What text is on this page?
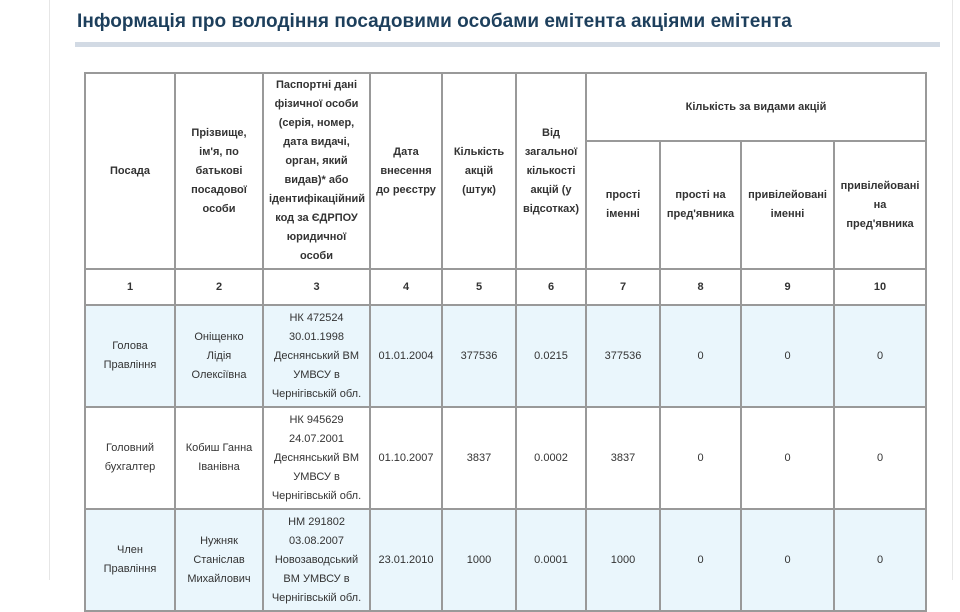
Інформація про володіння посадовими особами емітента акціями емітента
Посада	Прізвище, ім'я, по батькові посадової особи	Паспортні дані фізичної особи (серія, номер, дата видачі, орган, який видав)* або ідентифікаційний код за ЄДРПОУ юридичної особи	Дата внесення до реєстру	Кількість акцій (штук)	Від загальної кількості акцій (у відсотках)	Кількість за видами акцій			
						прості іменні	прості на пред'явника	привілейовані іменні	привілейовані на пред'явника
1	2	3	4	5	6	7	8	9	10
Голова Правління	Оніщенко Лідія Олексіївна	НК 472524 30.01.1998 Деснянський ВМ УМВСУ в Чернігівській обл.	01.01.2004	377536	0.0215	377536	0	0	0
Головний бухгалтер	Кобиш Ганна Іванівна	НК 945629 24.07.2001 Деснянський ВМ УМВСУ в Чернігівській обл.	01.10.2007	3837	0.0002	3837	0	0	0
Член Правління	Нужняк Станіслав Михайлович	НМ 291802 03.08.2007 Новозаводський ВМ УМВСУ в Чернігівській обл.	23.01.2010	1000	0.0001	1000	0	0	0
